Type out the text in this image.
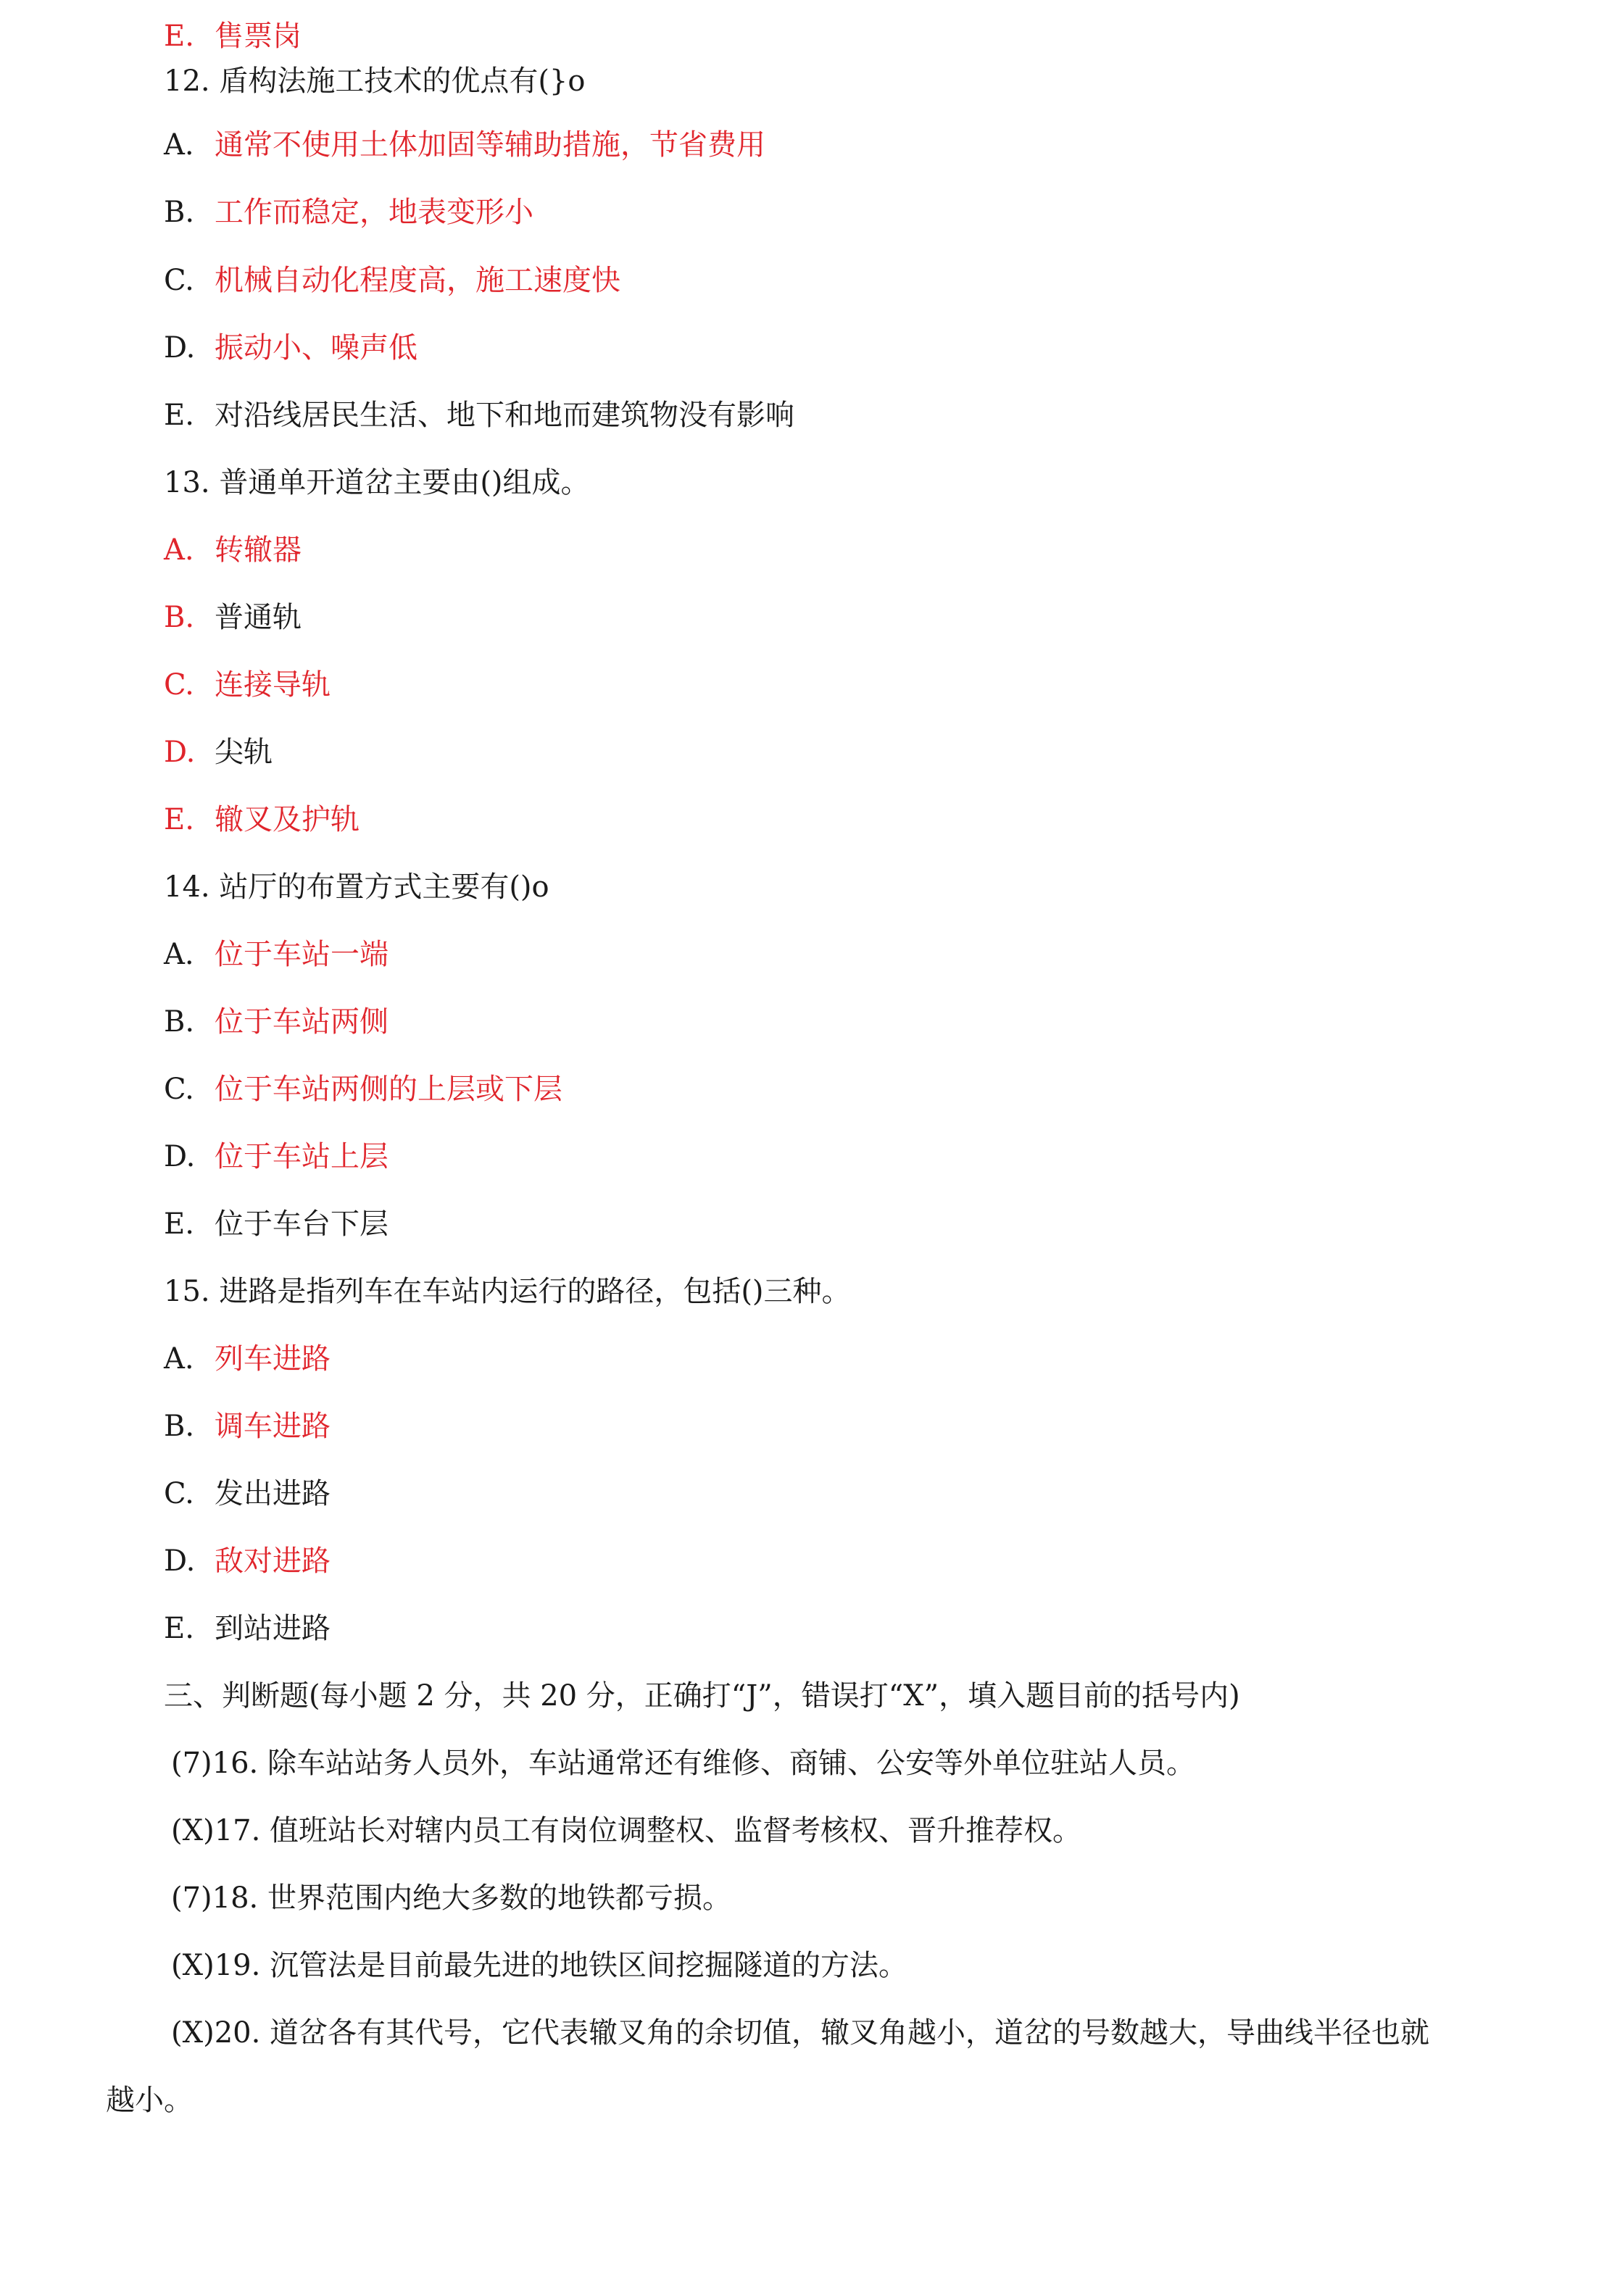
E. 售票岗
12. 盾构法施工技术的优点有(}o
A. 通常不使用土体加固等辅助措施，节省费用
B. 工作而稳定，地表变形小
C. 机械自动化程度高，施工速度快
D. 振动小、噪声低
E. 对沿线居民生活、地下和地而建筑物没有影响
13. 普通单开道岔主要由()组成。
A. 转辙器
B. 普通轨
C. 连接导轨
D. 尖轨
E. 辙叉及护轨
14. 站厅的布置方式主要有()o
A. 位于车站一端
B. 位于车站两侧
C. 位于车站两侧的上层或下层
D. 位于车站上层
E. 位于车台下层
15. 进路是指列车在车站内运行的路径，包括()三种。
A. 列车进路
B. 调车进路
C. 发出进路
D. 敌对进路
E. 到站进路
三、判断题(每小题 2 分，共 20 分，正确打“J”，错误打“X”，填入题目前的括号内)
(7)16. 除车站站务人员外，车站通常还有维修、商铺、公安等外单位驻站人员。
(X)17. 值班站长对辖内员工有岗位调整权、监督考核权、晋升推荐权。
(7)18. 世界范围内绝大多数的地铁都亏损。
(X)19. 沉管法是目前最先进的地铁区间挖掘隧道的方法。
(X)20. 道岔各有其代号，它代表辙叉角的余切值，辙叉角越小，道岔的号数越大，导曲线半径也就
越小。
